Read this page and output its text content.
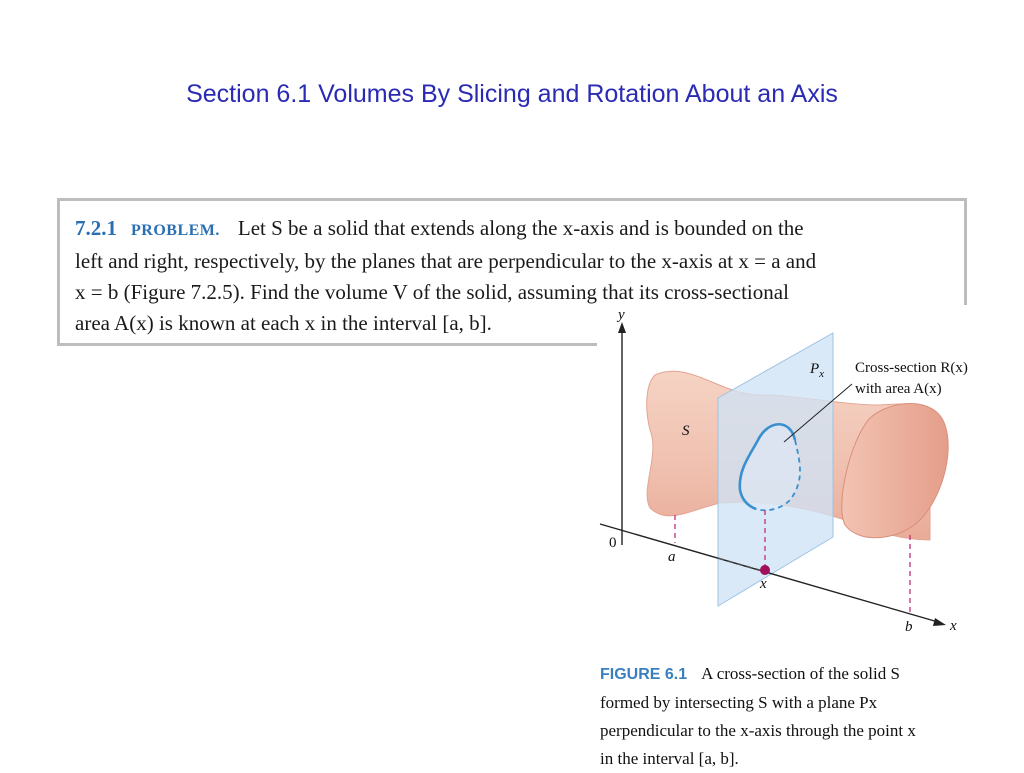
Section 6.1 Volumes By Slicing and Rotation About an Axis
7.2.1 PROBLEM. Let S be a solid that extends along the x-axis and is bounded on the
left and right, respectively, by the planes that are perpendicular to the x-axis at x = a and
x = b (Figure 7.2.5). Find the volume V of the solid, assuming that its cross-sectional
area A(x) is known at each x in the interval [a, b].	y
0
a
x
b	x
S
$P_x$ Cross-section R(x)
with area A(x)
FIGURE 6.1 A cross-section of the solid S
formed by intersecting S with a plane Px
perpendicular to the x-axis through the point x
in the interval [a, b].
